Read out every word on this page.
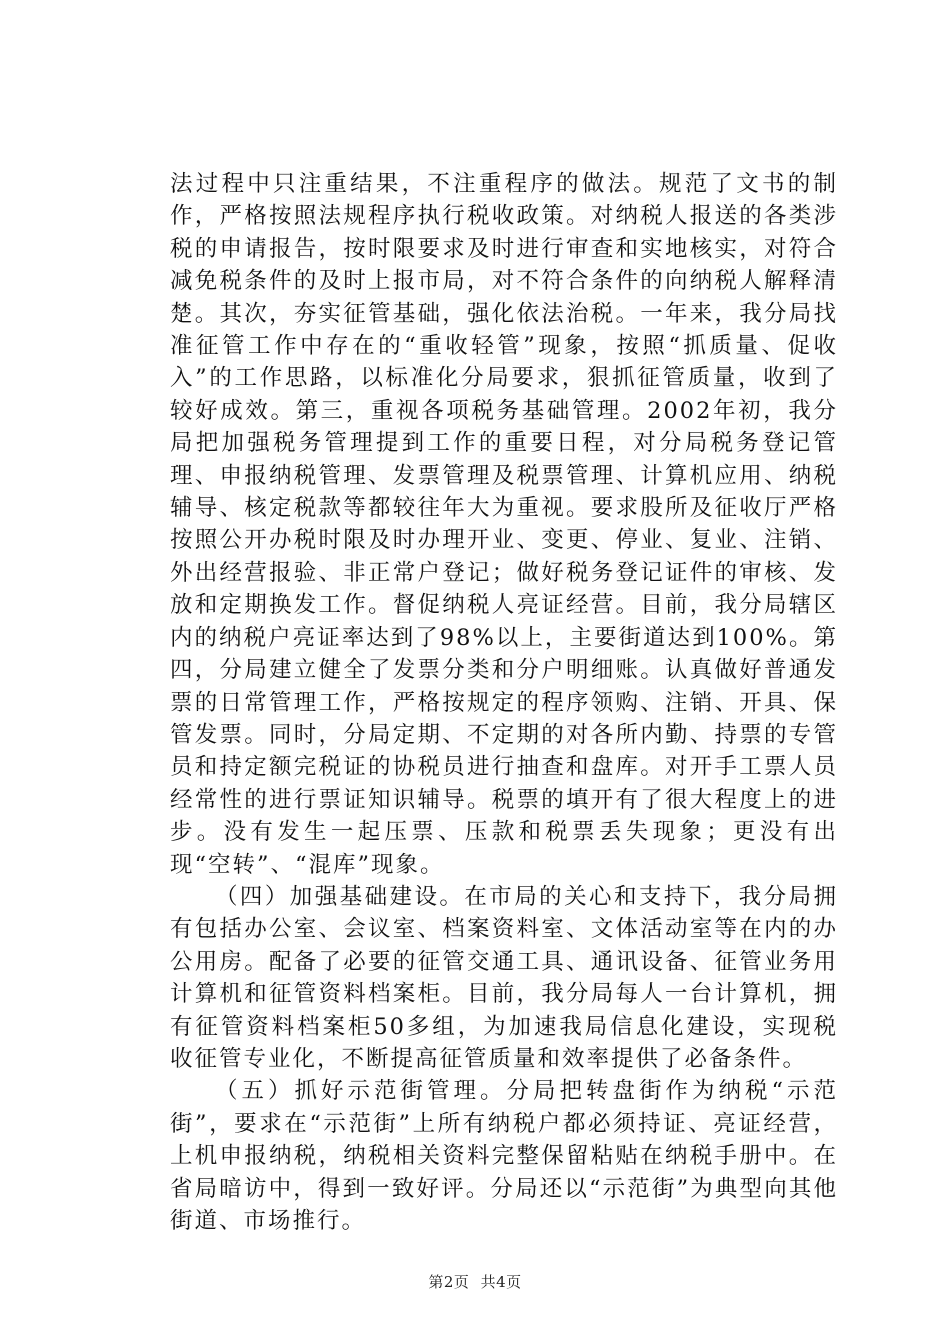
法过程中只注重结果，不注重程序的做法。规范了文书的制作，严格按照法规程序执行税收政策。对纳税人报送的各类涉税的申请报告，按时限要求及时进行审查和实地核实，对符合减免税条件的及时上报市局，对不符合条件的向纳税人解释清楚。其次，夯实征管基础，强化依法治税。一年来，我分局找准征管工作中存在的“重收轻管”现象，按照“抓质量、促收入”的工作思路，以标准化分局要求，狠抓征管质量，收到了较好成效。第三，重视各项税务基础管理。2002年初，我分局把加强税务管理提到工作的重要日程，对分局税务登记管理、申报纳税管理、发票管理及税票管理、计算机应用、纳税辅导、核定税款等都较往年大为重视。要求股所及征收厅严格按照公开办税时限及时办理开业、变更、停业、复业、注销、外出经营报验、非正常户登记；做好税务登记证件的审核、发放和定期换发工作。督促纳税人亮证经营。目前，我分局辖区内的纳税户亮证率达到了98%以上，主要街道达到100%。第四，分局建立健全了发票分类和分户明细账。认真做好普通发票的日常管理工作，严格按规定的程序领购、注销、开具、保管发票。同时，分局定期、不定期的对各所内勤、持票的专管员和持定额完税证的协税员进行抽查和盘库。对开手工票人员经常性的进行票证知识辅导。税票的填开有了很大程度上的进步。没有发生一起压票、压款和税票丢失现象；更没有出现“空转”、“混库”现象。

（四）加强基础建设。在市局的关心和支持下，我分局拥有包括办公室、会议室、档案资料室、文体活动室等在内的办公用房。配备了必要的征管交通工具、通讯设备、征管业务用计算机和征管资料档案柜。目前，我分局每人一台计算机，拥有征管资料档案柜50多组，为加速我局信息化建设，实现税收征管专业化，不断提高征管质量和效率提供了必备条件。

（五）抓好示范街管理。分局把转盘街作为纳税“示范街”，要求在“示范街”上所有纳税户都必须持证、亮证经营，上机申报纳税，纳税相关资料完整保留粘贴在纳税手册中。在省局暗访中，得到一致好评。分局还以“示范街”为典型向其他街道、市场推行。

第2页 共4页
